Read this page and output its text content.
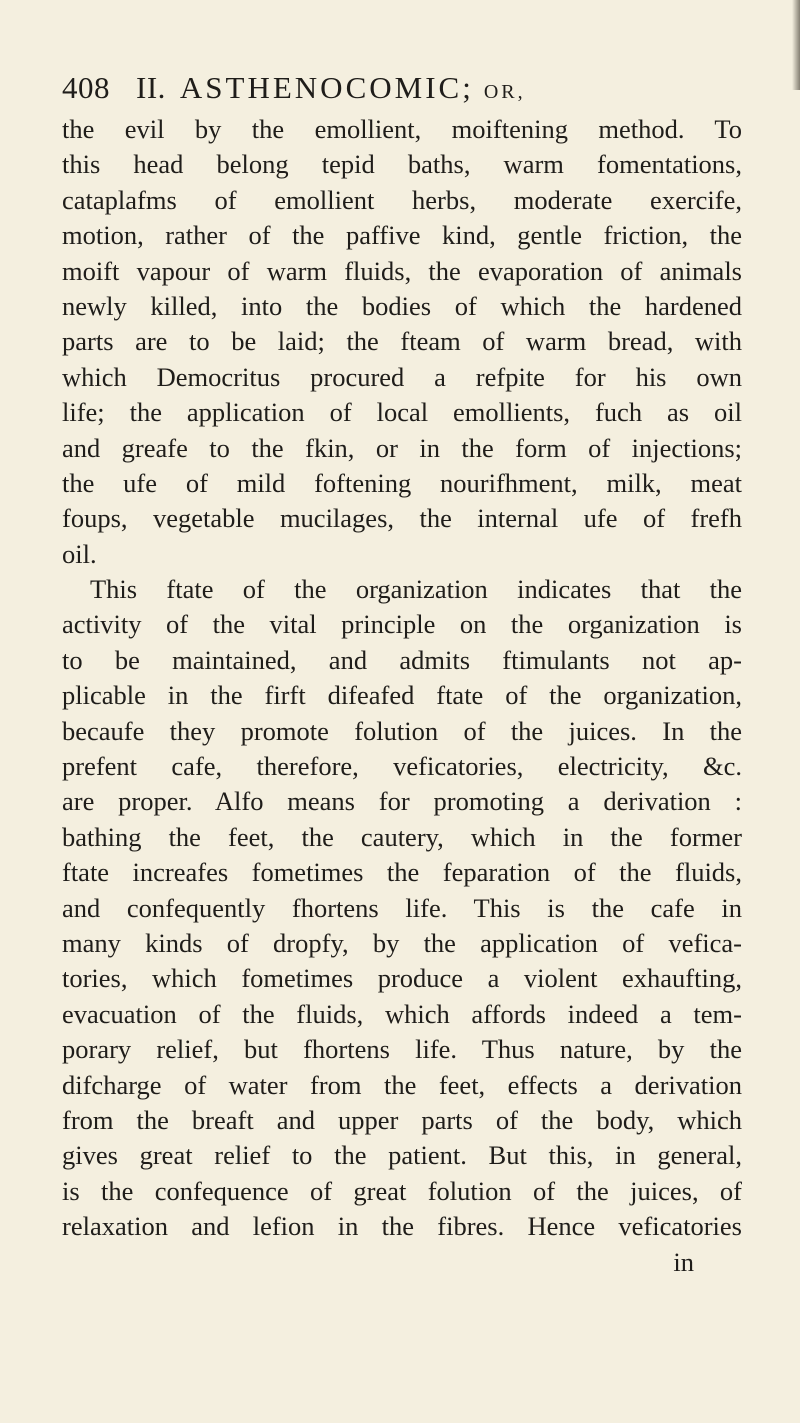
408 II. ASTHENOCOMIC; OR,
the evil by the emollient, moiftening method. To
this head belong tepid baths, warm fomentations,
cataplafms of emollient herbs, moderate exercife,
motion, rather of the paffive kind, gentle friction, the
moift vapour of warm fluids, the evaporation of animals
newly killed, into the bodies of which the hardened
parts are to be laid; the fteam of warm bread, with
which Democritus procured a refpite for his own
life; the application of local emollients, fuch as oil
and greafe to the fkin, or in the form of injections;
the ufe of mild foftening nourifhment, milk, meat
foups, vegetable mucilages, the internal ufe of frefh
oil.
This ftate of the organization indicates that the
activity of the vital principle on the organization is
to be maintained, and admits ftimulants not ap-
plicable in the firft difeafed ftate of the organization,
becaufe they promote folution of the juices. In the
prefent cafe, therefore, veficatories, electricity, &c.
are proper. Alfo means for promoting a derivation :
bathing the feet, the cautery, which in the former
ftate increafes fometimes the feparation of the fluids,
and confequently fhortens life. This is the cafe in
many kinds of dropfy, by the application of vefica-
tories, which fometimes produce a violent exhaufting,
evacuation of the fluids, which affords indeed a tem-
porary relief, but fhortens life. Thus nature, by the
difcharge of water from the feet, effects a derivation
from the breaft and upper parts of the body, which
gives great relief to the patient. But this, in general,
is the confequence of great folution of the juices, of
relaxation and lefion in the fibres. Hence veficatories
in
